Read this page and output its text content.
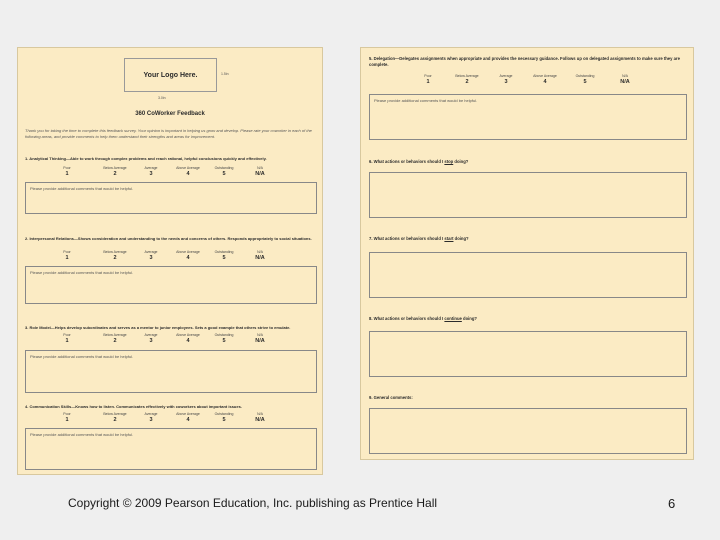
Your Logo Here.	1.5in
3.0in
360 CoWorker Feedback
Thank you for taking the time to complete this feedback survey. Your opinion is important in helping us grow and develop. Please rate your coworker in each of the following areas, and provide comments to help them understand their strengths and areas for improvement.
1. Analytical Thinking—Able to work through complex problems and reach rational, helpful conclusions quickly and effectively.
Poor
1
Below Average
2
Average
3
Above Average
4
Outstanding
5
N/A
N/A
Please provide additional comments that would be helpful.
2. Interpersonal Relations—Shows consideration and understanding to the needs and concerns of others. Responds appropriately to social situations.
Poor
1
Below Average
2
Average
3
Above Average
4
Outstanding
5
N/A
N/A
Please provide additional comments that would be helpful.
3. Role Model—Helps develop subordinates and serves as a mentor to junior employees. Sets a good example that others strive to emulate.
Poor
1
Below Average
2
Average
3
Above Average
4
Outstanding
5
N/A
N/A
Please provide additional comments that would be helpful.
4. Communication Skills—Knows how to listen. Communicates effectively with coworkers about important issues.
Poor
1
Below Average
2
Average
3
Above Average
4
Outstanding
5
N/A
N/A
Please provide additional comments that would be helpful.
5. Delegation—Delegates assignments when appropriate and provides the necessary guidance. Follows up on delegated assignments to make sure they are complete.
Poor
1
Below Average
2
Average
3
Above Average
4
Outstanding
5
N/A
N/A
Please provide additional comments that would be helpful.
6. What actions or behaviors should I stop doing?
7. What actions or behaviors should I start doing?
8. What actions or behaviors should I continue doing?
9. General comments:
Copyright © 2009 Pearson Education, Inc. publishing as Prentice Hall	6
